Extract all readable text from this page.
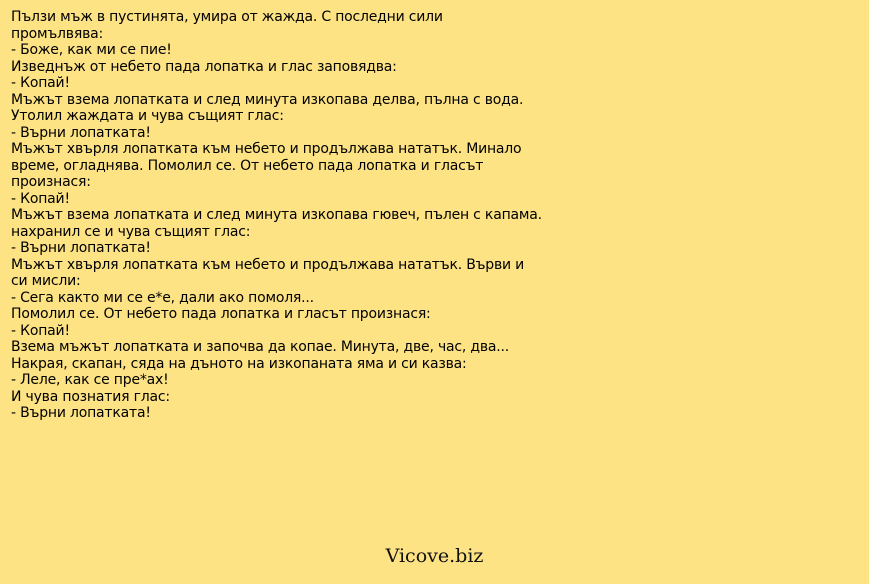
Пълзи мъж в пустинята, умира от жажда. С последни сили
промълвява:
- Боже, как ми се пие!
Изведнъж от небето пада лопатка и глас заповядва:
- Копай!
Мъжът взема лопатката и след минута изкопава делва, пълна с вода.
Утолил жаждата и чува същият глас:
- Върни лопатката!
Мъжът хвърля лопатката към небето и продължава нататък. Минало
време, огладнява. Помолил се. От небето пада лопатка и гласът
произнася:
- Копай!
Мъжът взема лопатката и след минута изкопава гювеч, пълен с капама.
нахранил се и чува същият глас:
- Върни лопатката!
Мъжът хвърля лопатката към небето и продължава нататък. Върви и
си мисли:
- Сега както ми се е*е, дали ако помоля...
Помолил се. От небето пада лопатка и гласът произнася:
- Копай!
Взема мъжът лопатката и започва да копае. Минута, две, час, два...
Накрая, скапан, сяда на дъното на изкопаната яма и си казва:
- Леле, как се пре*ах!
И чува познатия глас:
- Върни лопатката!
Vicove.biz
